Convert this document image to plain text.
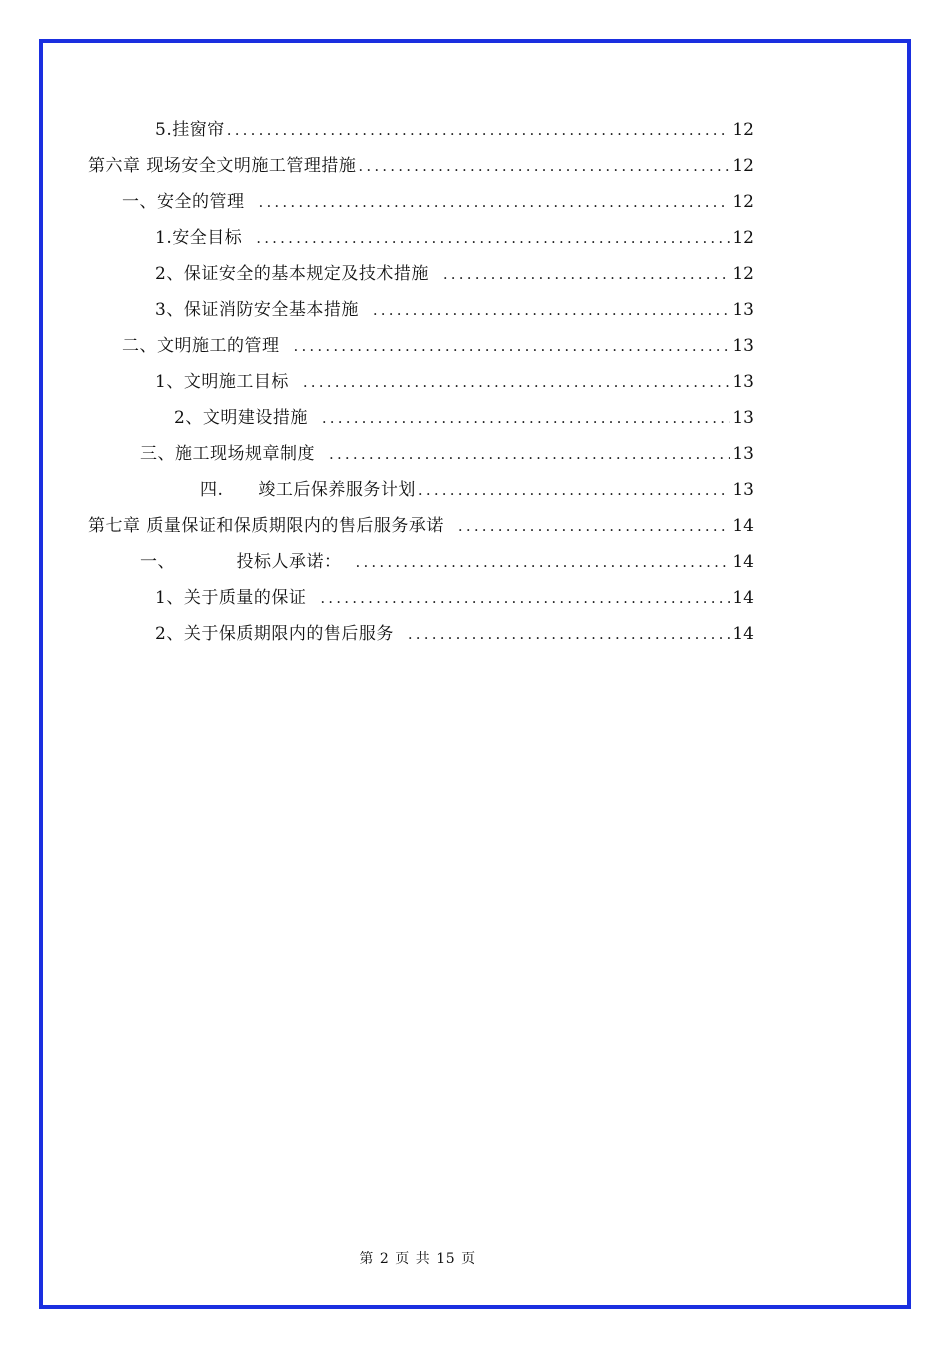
5.挂窗帘 .....	12
第六章 现场安全文明施工管理措施 .....	12
一、安全的管理 .....	12
1.安全目标 .....	12
2、保证安全的基本规定及技术措施 .....	12
3、保证消防安全基本措施 .....	13
二、文明施工的管理 .....	13
1、文明施工目标 .....	13
2、文明建设措施 .....	13
三、施工现场规章制度 .....	13
四.　　竣工后保养服务计划 .....	13
第七章 质量保证和保质期限内的售后服务承诺 .....	14
一、　　　　投标人承诺： .....	14
1、关于质量的保证 .....	14
2、关于保质期限内的售后服务 .....	14
第 2 页 共 15 页
